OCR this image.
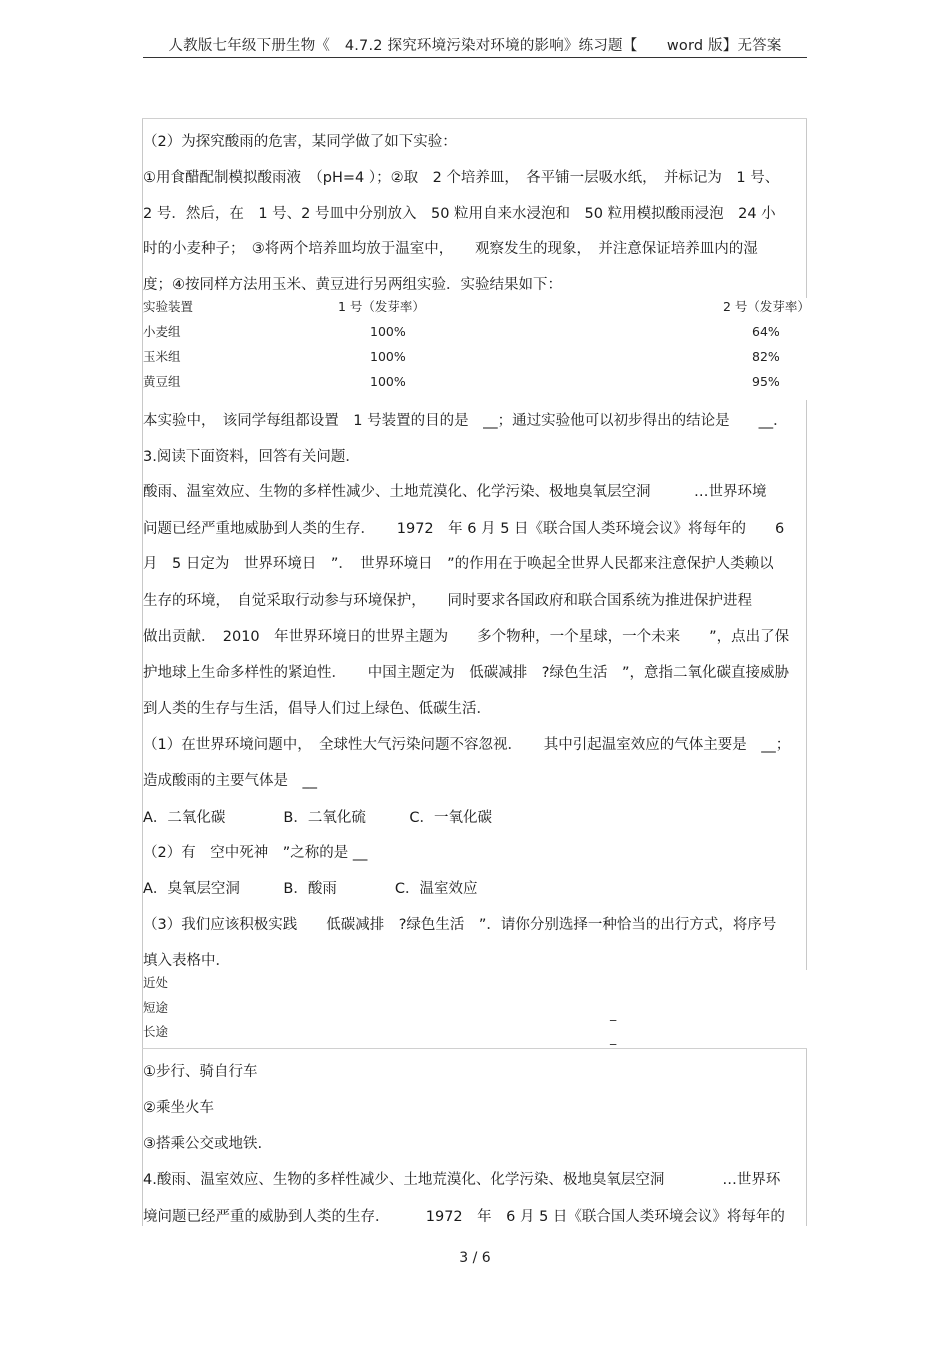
人教版七年级下册生物《　4.7.2 探究环境污染对环境的影响》练习题【　　word 版】无答案
（2）为探究酸雨的危害，某同学做了如下实验：
①用食醋配制模拟酸雨液　（pH=4 ）；②取　2 个培养皿，　各平铺一层吸水纸，　并标记为　1 号、
2 号．然后，在　1 号、2 号皿中分别放入　50 粒用自来水浸泡和　50 粒用模拟酸雨浸泡　24 小
时的小麦种子；　③将两个培养皿均放于温室中，　　观察发生的现象，　并注意保证培养皿内的湿
度；④按同样方法用玉米、黄豆进行另两组实验．实验结果如下：
实验装置	1 号（发芽率）	2 号（发芽率）
小麦组	100%	64%
玉米组	100%	82%
黄豆组	100%	95%
本实验中，　该同学每组都设置　1 号装置的目的是　__；通过实验他可以初步得出的结论是　　__．
3.阅读下面资料，回答有关问题．
酸雨、温室效应、生物的多样性减少、土地荒漠化、化学污染、极地臭氧层空洞　　　…世界环境
问题已经严重地威胁到人类的生存．　　1972　年 6 月 5 日《联合国人类环境会议》将每年的　　6
月　5 日定为　世界环境日　”．　世界环境日　”的作用在于唤起全世界人民都来注意保护人类赖以
生存的环境，　自觉采取行动参与环境保护，　　同时要求各国政府和联合国系统为推进保护进程
做出贡献．　2010　年世界环境日的世界主题为　　多个物种，一个星球，一个未来　　”，点出了保
护地球上生命多样性的紧迫性．　　中国主题定为　低碳减排　?绿色生活　”，意指二氧化碳直接威胁
到人类的生存与生活，倡导人们过上绿色、低碳生活．
（1）在世界环境问题中，　全球性大气污染问题不容忽视．　　其中引起温室效应的气体主要是　__；
造成酸雨的主要气体是　__
A．二氧化碳　　　　B．二氧化硫　　　C．一氧化碳
（2）有　空中死神　”之称的是 __
A．臭氧层空洞　　　B．酸雨　　　　C．温室效应
（3）我们应该积极实践　　低碳减排　?绿色生活　”．请你分别选择一种恰当的出行方式，将序号
填入表格中．
近处
短途	_
长途	_
①步行、骑自行车
②乘坐火车
③搭乘公交或地铁.
4.酸雨、温室效应、生物的多样性减少、土地荒漠化、化学污染、极地臭氧层空洞　　　　…世界环
境问题已经严重的威胁到人类的生存．　　　1972　年　6 月 5 日《联合国人类环境会议》将每年的
3 / 6
